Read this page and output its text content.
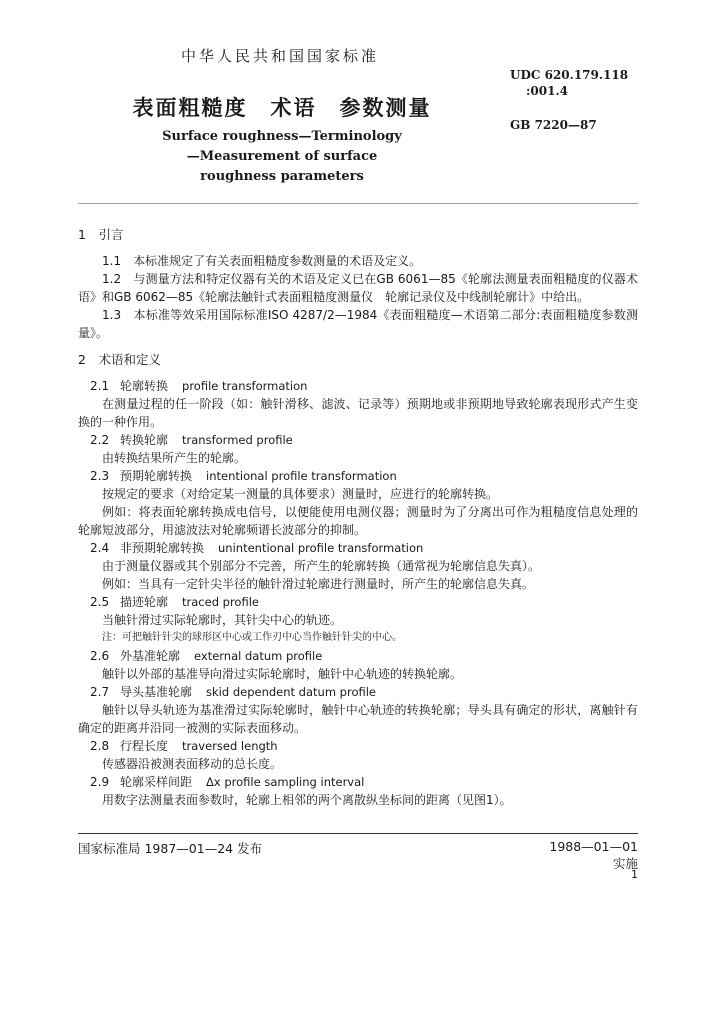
中华人民共和国国家标准
UDC 620.179.118
:001.4
表面粗糙度　术语　参数测量
GB 7220—87
Surface roughness—Terminology
—Measurement of surface
roughness parameters
1　引言
1.1　本标准规定了有关表面粗糙度参数测量的术语及定义。
1.2　与测量方法和特定仪器有关的术语及定义已在GB 6061—85《轮廓法测量表面粗糙度的仪器术语》和GB 6062—85《轮廓法触针式表面粗糙度测量仪　轮廓记录仪及中线制轮廓计》中给出。
1.3　本标准等效采用国际标准ISO 4287/2—1984《表面粗糙度—术语第二部分:表面粗糙度参数测量》。
2　术语和定义
2.1 轮廓转换 profile transformation
在测量过程的任一阶段（如：触针滑移、滤波、记录等）预期地或非预期地导致轮廓表现形式产生变换的一种作用。
2.2 转换轮廓 transformed profile
由转换结果所产生的轮廓。
2.3 预期轮廓转换 intentional profile transformation
按规定的要求（对给定某一测量的具体要求）测量时，应进行的轮廓转换。
例如：将表面轮廓转换成电信号，以便能使用电测仪器；测量时为了分离出可作为粗糙度信息处理的轮廓短波部分，用滤波法对轮廓频谱长波部分的抑制。
2.4 非预期轮廓转换 unintentional profile transformation
由于测量仪器或其个别部分不完善，所产生的轮廓转换（通常视为轮廓信息失真）。
例如：当具有一定针尖半径的触针滑过轮廓进行测量时，所产生的轮廓信息失真。
2.5 描迹轮廓 traced profile
当触针滑过实际轮廓时，其针尖中心的轨迹。
注：可把触针针尖的球形区中心或工作刃中心当作触针针尖的中心。
2.6 外基准轮廓 external datum profile
触针以外部的基准导向滑过实际轮廓时，触针中心轨迹的转换轮廓。
2.7 导头基准轮廓 skid dependent datum profile
触针以导头轨迹为基准滑过实际轮廓时，触针中心轨迹的转换轮廓；导头具有确定的形状，离触针有确定的距离并沿同一被测的实际表面移动。
2.8 行程长度 traversed length
传感器沿被测表面移动的总长度。
2.9 轮廓采样间距 Δx profile sampling interval
用数字法测量表面参数时，轮廓上相邻的两个离散纵坐标间的距离（见图1）。
国家标准局 1987—01—24 发布	1988—01—01 实施
1
